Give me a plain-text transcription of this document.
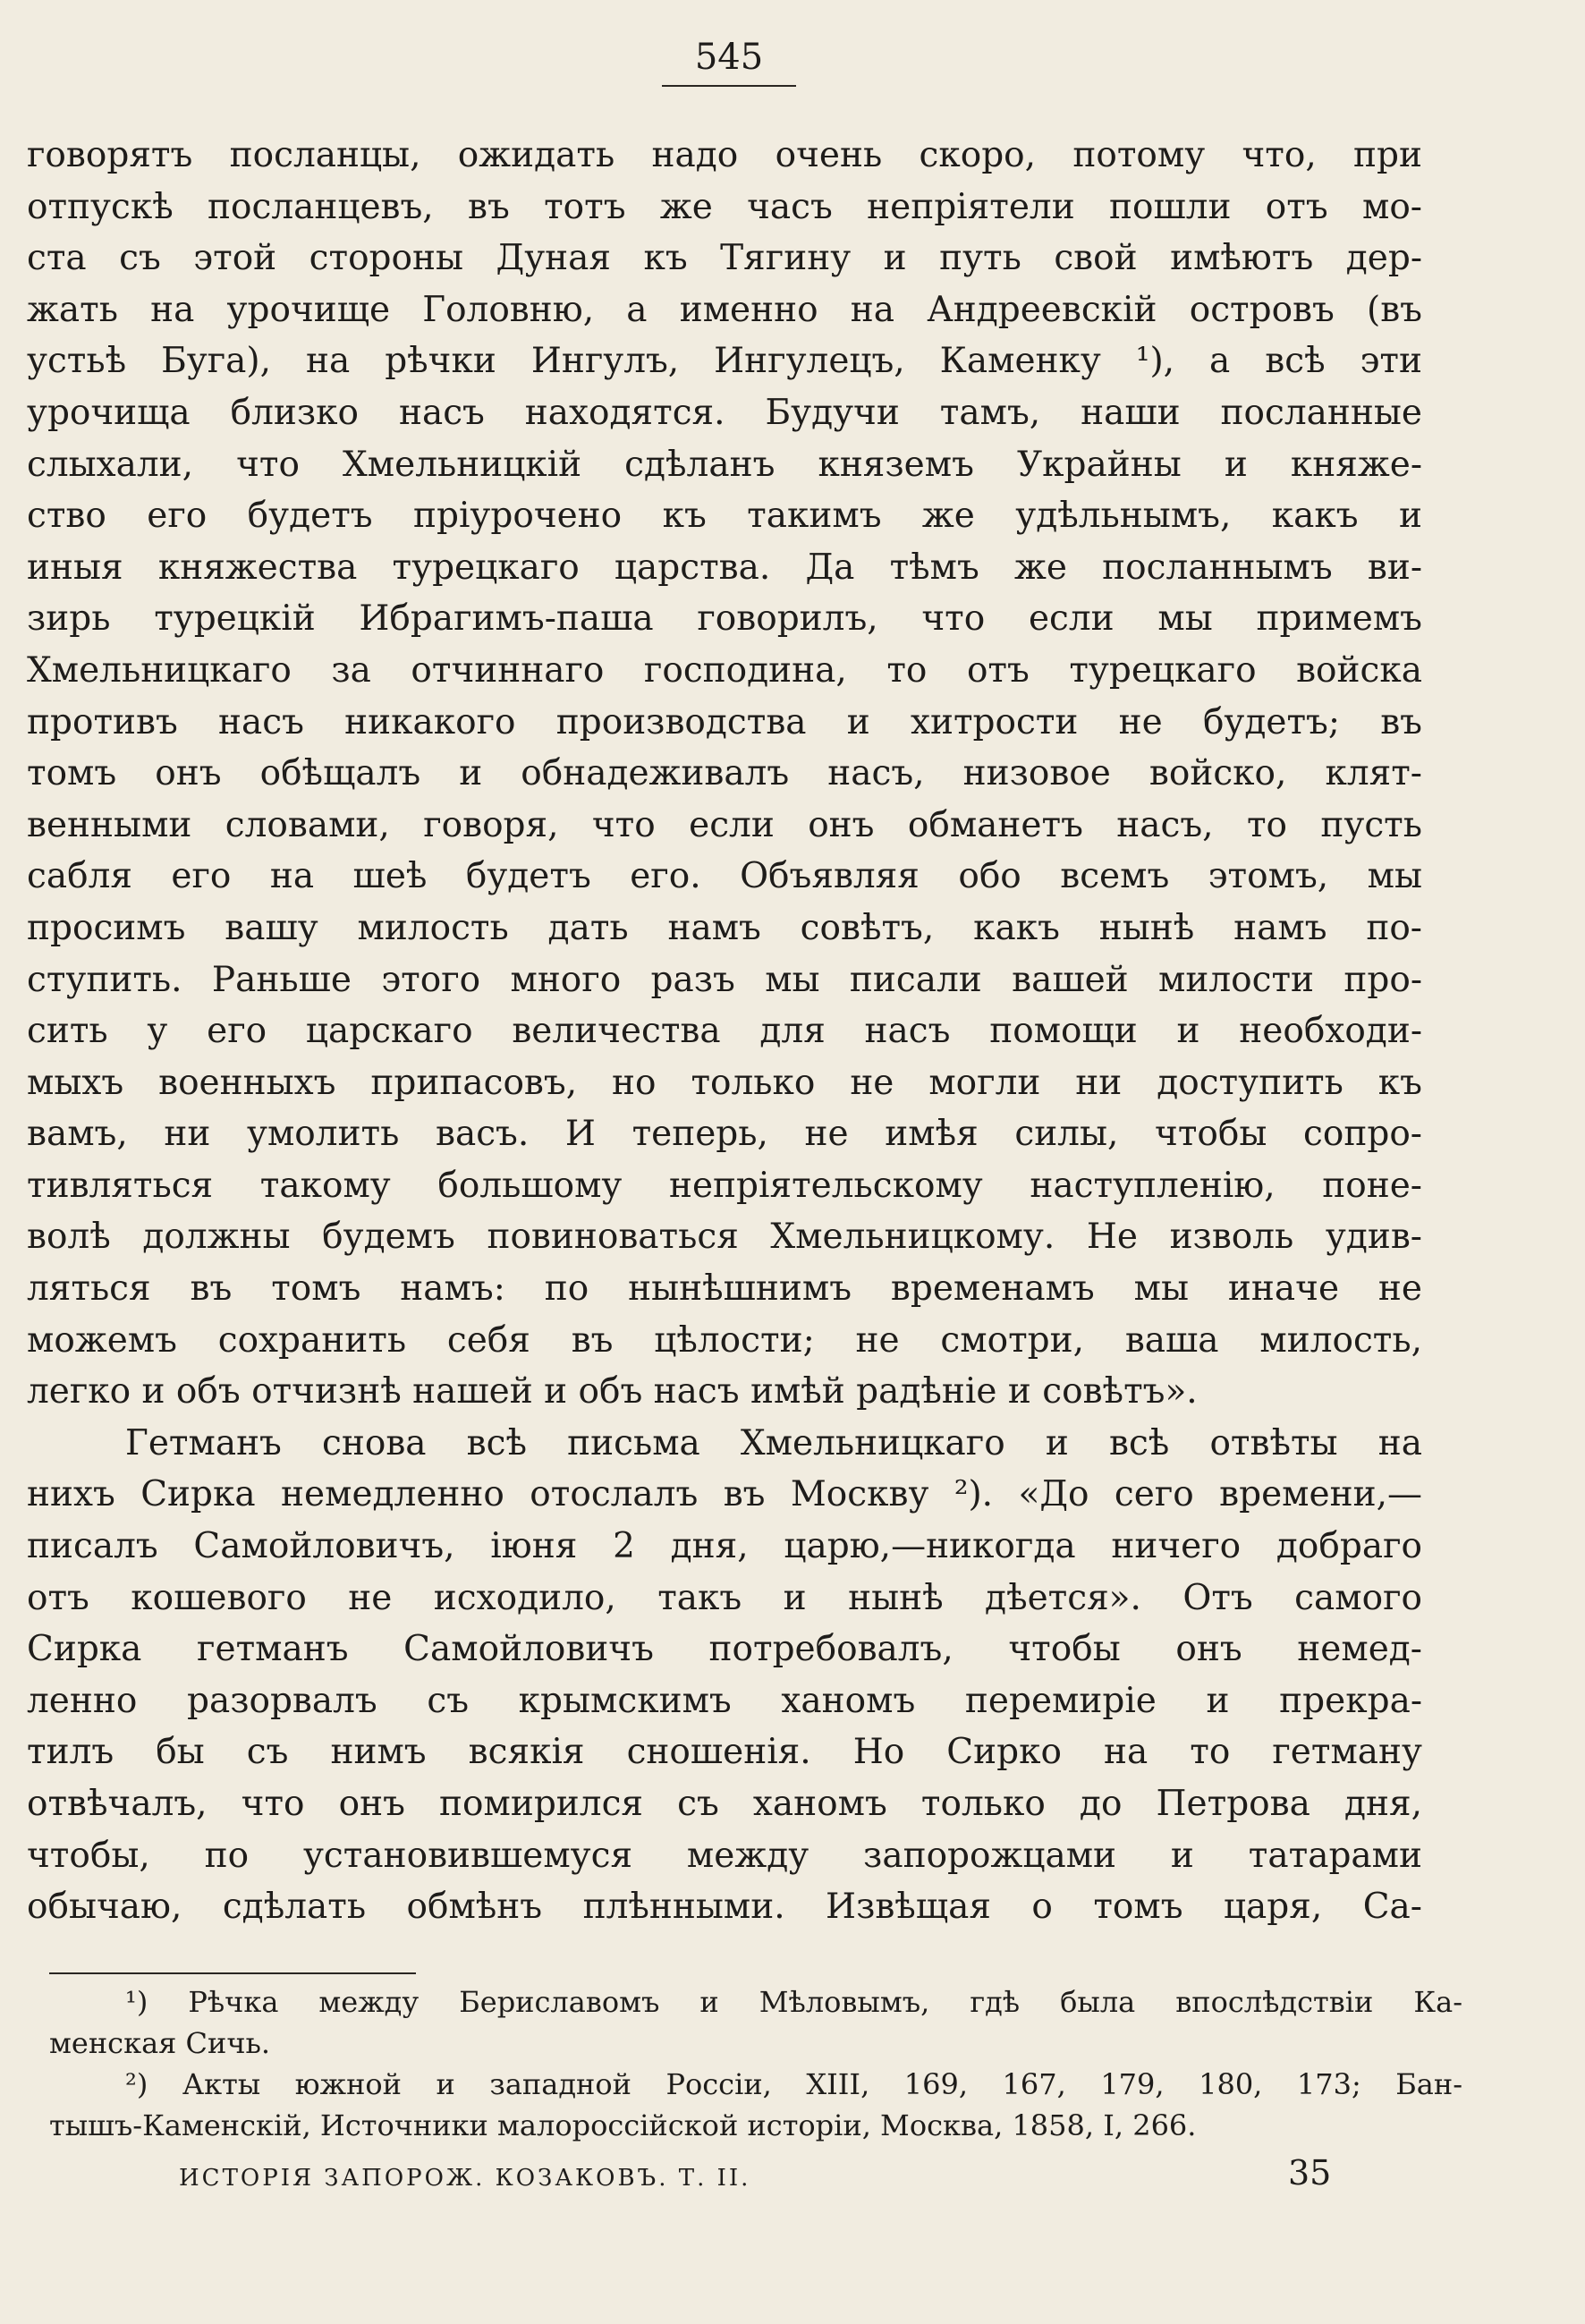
545
говорятъ посланцы, ожидать надо очень скоро, потому что, при
отпускѣ посланцевъ, въ тотъ же часъ непріятели пошли отъ мо-
ста съ этой стороны Дуная къ Тягину и путь свой имѣютъ дер-
жать на урочище Головню, а именно на Андреевскій островъ (въ
устьѣ Буга), на рѣчки Ингулъ, Ингулецъ, Каменку ¹), а всѣ эти
урочища близко насъ находятся. Будучи тамъ, наши посланные
слыхали, что Хмельницкій сдѣланъ княземъ Украйны и княже-
ство его будетъ пріурочено къ такимъ же удѣльнымъ, какъ и
иныя княжества турецкаго царства. Да тѣмъ же посланнымъ ви-
зирь турецкій Ибрагимъ-паша говорилъ, что если мы примемъ
Хмельницкаго за отчиннаго господина, то отъ турецкаго войска
противъ насъ никакого производства и хитрости не будетъ; въ
томъ онъ обѣщалъ и обнадеживалъ насъ, низовое войско, клят-
венными словами, говоря, что если онъ обманетъ насъ, то пусть
сабля его на шеѣ будетъ его. Объявляя обо всемъ этомъ, мы
просимъ вашу милость дать намъ совѣтъ, какъ нынѣ намъ по-
ступить. Раньше этого много разъ мы писали вашей милости про-
сить у его царскаго величества для насъ помощи и необходи-
мыхъ военныхъ припасовъ, но только не могли ни доступить къ
вамъ, ни умолить васъ. И теперь, не имѣя силы, чтобы сопро-
тивляться такому большому непріятельскому наступленію, поне-
волѣ должны будемъ повиноваться Хмельницкому. Не изволь удив-
ляться въ томъ намъ: по нынѣшнимъ временамъ мы иначе не
можемъ сохранить себя въ цѣлости; не смотри, ваша милость,
легко и объ отчизнѣ нашей и объ насъ имѣй радѣніе и совѣтъ».
Гетманъ снова всѣ письма Хмельницкаго и всѣ отвѣты на
нихъ Сирка немедленно отослалъ въ Москву ²). «До сего времени,—
писалъ Самойловичъ, іюня 2 дня, царю,—никогда ничего добраго
отъ кошевого не исходило, такъ и нынѣ дѣется». Отъ самого
Сирка гетманъ Самойловичъ потребовалъ, чтобы онъ немед-
ленно разорвалъ съ крымскимъ ханомъ перемиріе и прекра-
тилъ бы съ нимъ всякія сношенія. Но Сирко на то гетману
отвѣчалъ, что онъ помирился съ ханомъ только до Петрова дня,
чтобы, по установившемуся между запорожцами и татарами
обычаю, сдѣлать обмѣнъ плѣнными. Извѣщая о томъ царя, Са-
¹) Рѣчка между Бериславомъ и Мѣловымъ, гдѣ была впослѣдствіи Ка-
менская Сичь.
²) Акты южной и западной Россіи, XIII, 169, 167, 179, 180, 173; Бан-
тышъ-Каменскій, Источники малороссійской исторіи, Москва, 1858, I, 266.
ИСТОРІЯ ЗАПОРОЖ. КОЗАКОВЪ. Т. II.	35
